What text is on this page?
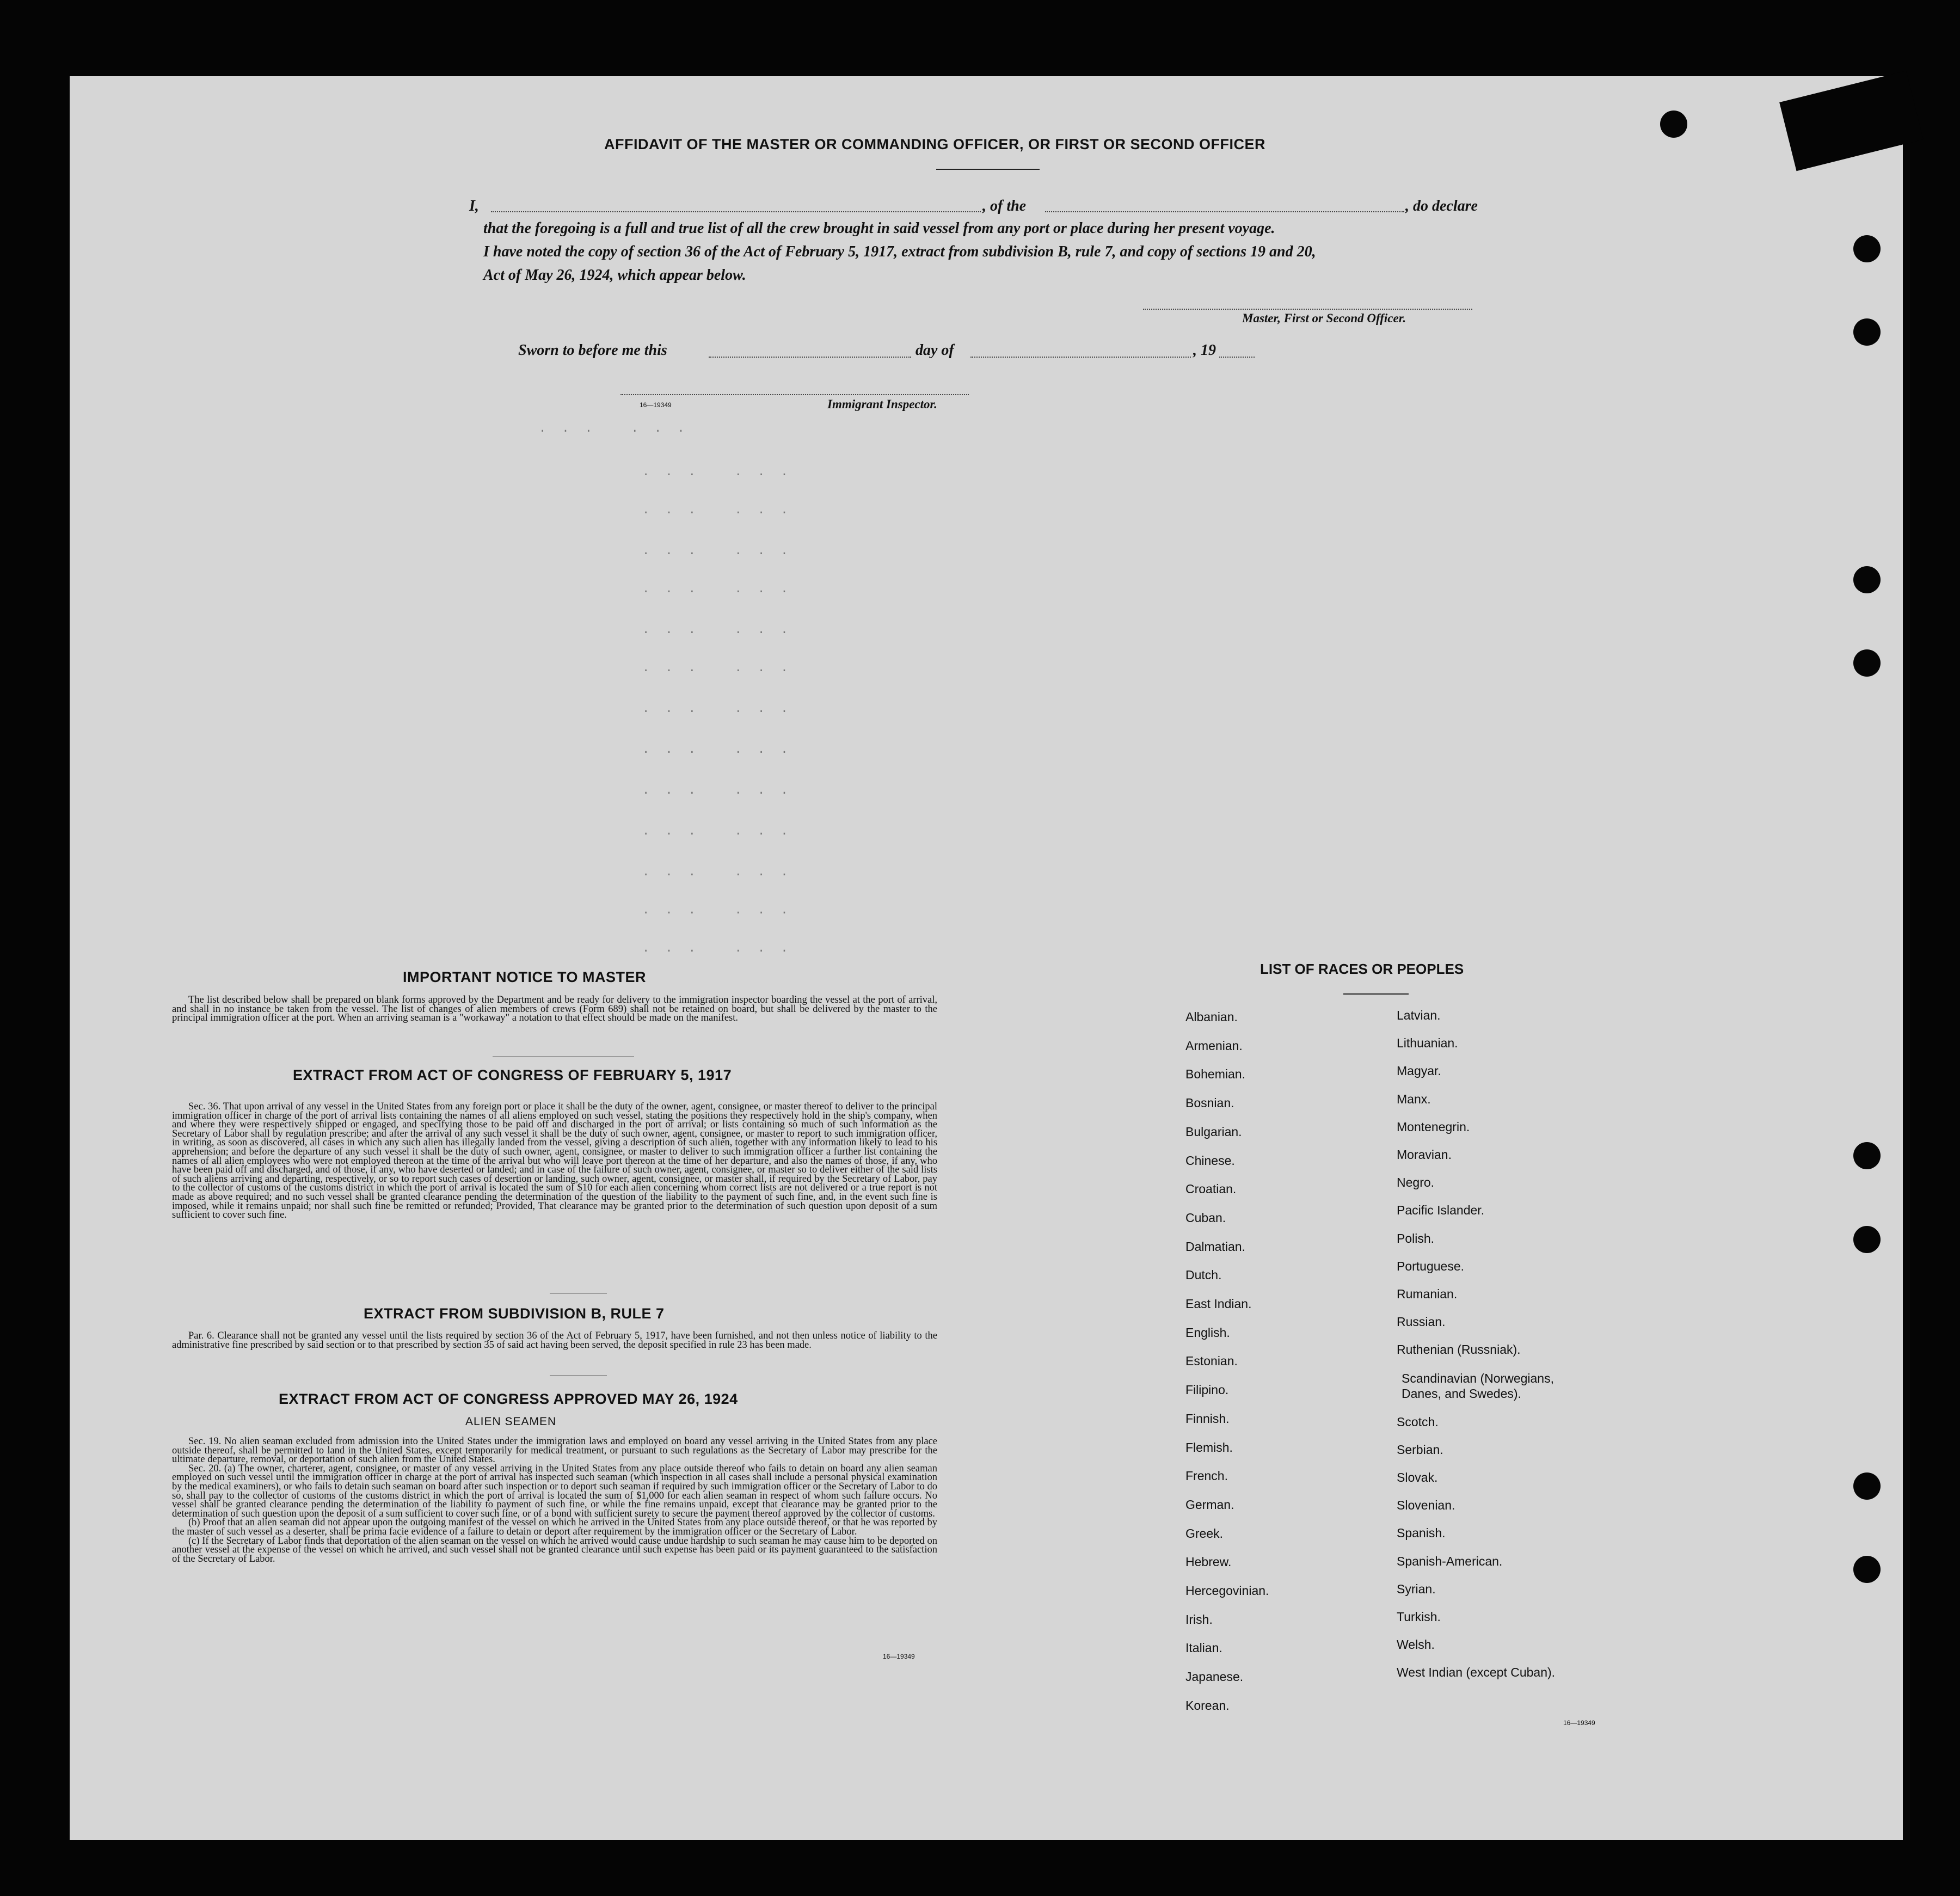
. . .   . . .
. . .   . . .
. . .   . . .
. . .   . . .
. . .   . . .
. . .   . . .
. . .   . . .
. . .   . . .
. . .   . . .
. . .   . . .
. . .   . . .
. . .   . . .
. . .   . . .
. . .   . . .
AFFIDAVIT OF THE MASTER OR COMMANDING OFFICER, OR FIRST OR SECOND OFFICER

I,	, of the	, do declare

that the foregoing is a full and true list of all the crew brought in said vessel from any port or place during her present voyage.

I have noted the copy of section 36 of the Act of February 5, 1917, extract from subdivision B, rule 7, and copy of sections 19 and 20,

Act of May 26, 1924, which appear below.

Master, First or Second Officer.

Sworn to before me this	day of	, 19

16—19349	Immigrant Inspector.

IMPORTANT NOTICE TO MASTER

The list described below shall be prepared on blank forms approved by the Department and be ready for delivery to the immigration inspector boarding the vessel at the port of arrival, and shall in no instance be taken from the vessel. The list of changes of alien members of crews (Form 689) shall not be retained on board, but shall be delivered by the master to the principal immigration officer at the port. When an arriving seaman is a "workaway" a notation to that effect should be made on the manifest.

EXTRACT FROM ACT OF CONGRESS OF FEBRUARY 5, 1917

Sec. 36. That upon arrival of any vessel in the United States from any foreign port or place it shall be the duty of the owner, agent, consignee, or master thereof to deliver to the principal immigration officer in charge of the port of arrival lists containing the names of all aliens employed on such vessel, stating the positions they respectively hold in the ship's company, when and where they were respectively shipped or engaged, and specifying those to be paid off and discharged in the port of arrival; or lists containing so much of such information as the Secretary of Labor shall by regulation prescribe; and after the arrival of any such vessel it shall be the duty of such owner, agent, consignee, or master to report to such immigration officer, in writing, as soon as discovered, all cases in which any such alien has illegally landed from the vessel, giving a description of such alien, together with any information likely to lead to his apprehension; and before the departure of any such vessel it shall be the duty of such owner, agent, consignee, or master to deliver to such immigration officer a further list containing the names of all alien employees who were not employed thereon at the time of the arrival but who will leave port thereon at the time of her departure, and also the names of those, if any, who have been paid off and discharged, and of those, if any, who have deserted or landed; and in case of the failure of such owner, agent, consignee, or master so to deliver either of the said lists of such aliens arriving and departing, respectively, or so to report such cases of desertion or landing, such owner, agent, consignee, or master shall, if required by the Secretary of Labor, pay to the collector of customs of the customs district in which the port of arrival is located the sum of $10 for each alien concerning whom correct lists are not delivered or a true report is not made as above required; and no such vessel shall be granted clearance pending the determination of the question of the liability to the payment of such fine, and, in the event such fine is imposed, while it remains unpaid; nor shall such fine be remitted or refunded; Provided, That clearance may be granted prior to the determination of such question upon deposit of a sum sufficient to cover such fine.

EXTRACT FROM SUBDIVISION B, RULE 7

Par. 6. Clearance shall not be granted any vessel until the lists required by section 36 of the Act of February 5, 1917, have been furnished, and not then unless notice of liability to the administrative fine prescribed by said section or to that prescribed by section 35 of said act having been served, the deposit specified in rule 23 has been made.

EXTRACT FROM ACT OF CONGRESS APPROVED MAY 26, 1924

ALIEN SEAMEN

Sec. 19. No alien seaman excluded from admission into the United States under the immigration laws and employed on board any vessel arriving in the United States from any place outside thereof, shall be permitted to land in the United States, except temporarily for medical treatment, or pursuant to such regulations as the Secretary of Labor may prescribe for the ultimate departure, removal, or deportation of such alien from the United States.

Sec. 20. (a) The owner, charterer, agent, consignee, or master of any vessel arriving in the United States from any place outside thereof who fails to detain on board any alien seaman employed on such vessel until the immigration officer in charge at the port of arrival has inspected such seaman (which inspection in all cases shall include a personal physical examination by the medical examiners), or who fails to detain such seaman on board after such inspection or to deport such seaman if required by such immigration officer or the Secretary of Labor to do so, shall pay to the collector of customs of the customs district in which the port of arrival is located the sum of $1,000 for each alien seaman in respect of whom such failure occurs. No vessel shall be granted clearance pending the determination of the liability to payment of such fine, or while the fine remains unpaid, except that clearance may be granted prior to the determination of such question upon the deposit of a sum sufficient to cover such fine, or of a bond with sufficient surety to secure the payment thereof approved by the collector of customs.

(b) Proof that an alien seaman did not appear upon the outgoing manifest of the vessel on which he arrived in the United States from any place outside thereof, or that he was reported by the master of such vessel as a deserter, shall be prima facie evidence of a failure to detain or deport after requirement by the immigration officer or the Secretary of Labor.

(c) If the Secretary of Labor finds that deportation of the alien seaman on the vessel on which he arrived would cause undue hardship to such seaman he may cause him to be deported on another vessel at the expense of the vessel on which he arrived, and such vessel shall not be granted clearance until such expense has been paid or its payment guaranteed to the satisfaction of the Secretary of Labor.

16—19349

LIST OF RACES OR PEOPLES

Albanian.

Armenian.

Bohemian.

Bosnian.

Bulgarian.

Chinese.

Croatian.

Cuban.

Dalmatian.

Dutch.

East Indian.

English.

Estonian.

Filipino.

Finnish.

Flemish.

French.

German.

Greek.

Hebrew.

Hercegovinian.

Irish.

Italian.

Japanese.

Korean.

Latvian.

Lithuanian.

Magyar.

Manx.

Montenegrin.

Moravian.

Negro.

Pacific Islander.

Polish.

Portuguese.

Rumanian.

Russian.

Ruthenian (Russniak).

Scandinavian (Norwegians, Danes, and Swedes).

Scotch.

Serbian.

Slovak.

Slovenian.

Spanish.

Spanish-American.

Syrian.

Turkish.

Welsh.

West Indian (except Cuban).

16—19349
